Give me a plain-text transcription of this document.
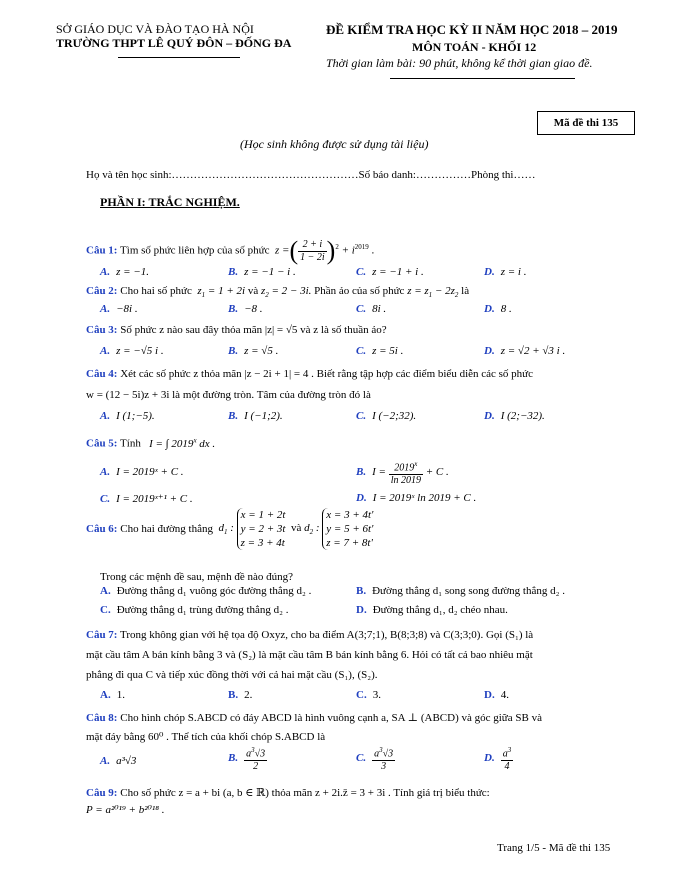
SỞ GIÁO DỤC VÀ ĐÀO TẠO HÀ NỘI
TRƯỜNG THPT LÊ QUÝ ĐÔN – ĐỐNG ĐA
ĐỀ KIỂM TRA HỌC KỲ II NĂM HỌC 2018 – 2019
MÔN TOÁN - KHỐI 12
Thời gian làm bài: 90 phút, không kể thời gian giao đề.
Mã đề thi 135
(Học sinh không được sử dụng tài liệu)
Họ và tên học sinh:……………………………………………Số báo danh:……………Phòng thi……
PHẦN I: TRẮC NGHIỆM.
Câu 1: Tìm số phức liên hợp của số phức  z =( $\frac{2 + i}{1 - 2i} )^2 + i^{2019}$ .
A. z = −1.	B. z = −1 − i .	C. z = −1 + i .	D. z = i .
Câu 2: Cho hai số phức  $z_1 = 1 + 2i$ và $z_2 = 2 - 3i$. Phần ảo của số phức $z = z_1 - 2z_2$ là
A. −8i .	B. −8 .	C. 8i .	D. 8 .
Câu 3: Số phức z nào sau đây thỏa mãn |z| = √5 và z là số thuần ảo?
A. z = −√5 i .	B. z = √5 .	C. z = 5i .	D. z = √2 + √3 i .
Câu 4: Xét các số phức z thỏa mãn |z − 2i + 1| = 4 . Biết rằng tập hợp các điểm biểu diễn các số phức
w = (12 − 5i)z + 3i là một đường tròn. Tâm của đường tròn đó là
A. I (1;−5).	B. I (−1;2).	C. I (−2;32).	D. I (2;−32).
Câu 5: Tính   I = ∫ 2019$^x$ dx .
A. I = 2019ˣ + C .	B. $I = \frac{2019^x}{\ln 2019} + C$ .
C. I = 2019ˣ⁺¹ + C .	D. I = 2019ˣ ln 2019 + C .
Câu 6: Cho hai đường thẳng  $d_1$ : x = 1 + 2t
y = 2 + 3t
z = 3 + 4t  và $d_2$ : x = 3 + 4t'
y = 5 + 6t'
z = 7 + 8t'
Trong các mệnh đề sau, mệnh đề nào đúng?
A. Đường thẳng d₁ vuông góc đường thẳng d₂ .	B. Đường thẳng d₁ song song đường thẳng d₂ .
C. Đường thẳng d₁ trùng đường thẳng d₂ .	D. Đường thẳng d₁, d₂ chéo nhau.
Câu 7: Trong không gian với hệ tọa độ Oxyz, cho ba điểm A(3;7;1), B(8;3;8) và C(3;3;0). Gọi (S₁) là
mặt cầu tâm A bán kính bằng 3 và (S₂) là mặt cầu tâm B bán kính bằng 6. Hỏi có tất cả bao nhiêu mặt
phẳng đi qua C và tiếp xúc đồng thời với cả hai mặt cầu (S₁), (S₂).
A. 1.	B. 2.	C. 3.	D. 4.
Câu 8: Cho hình chóp S.ABCD có đáy ABCD là hình vuông cạnh a, SA ⊥ (ABCD) và góc giữa SB và
mặt đáy bằng 60⁰ . Thể tích của khối chóp S.ABCD là
A. a³√3	B. $\frac{a^3√3}{2}$	C. $\frac{a^3√3}{3}$	D. $\frac{a^3}{4}$
Câu 9: Cho số phức z = a + bi (a, b ∈ ℝ) thỏa mãn z + 2i.z̄ = 3 + 3i . Tính giá trị biểu thức:
P = a²⁰¹⁹ + b²⁰¹⁸ .
Trang 1/5 - Mã đề thi 135
